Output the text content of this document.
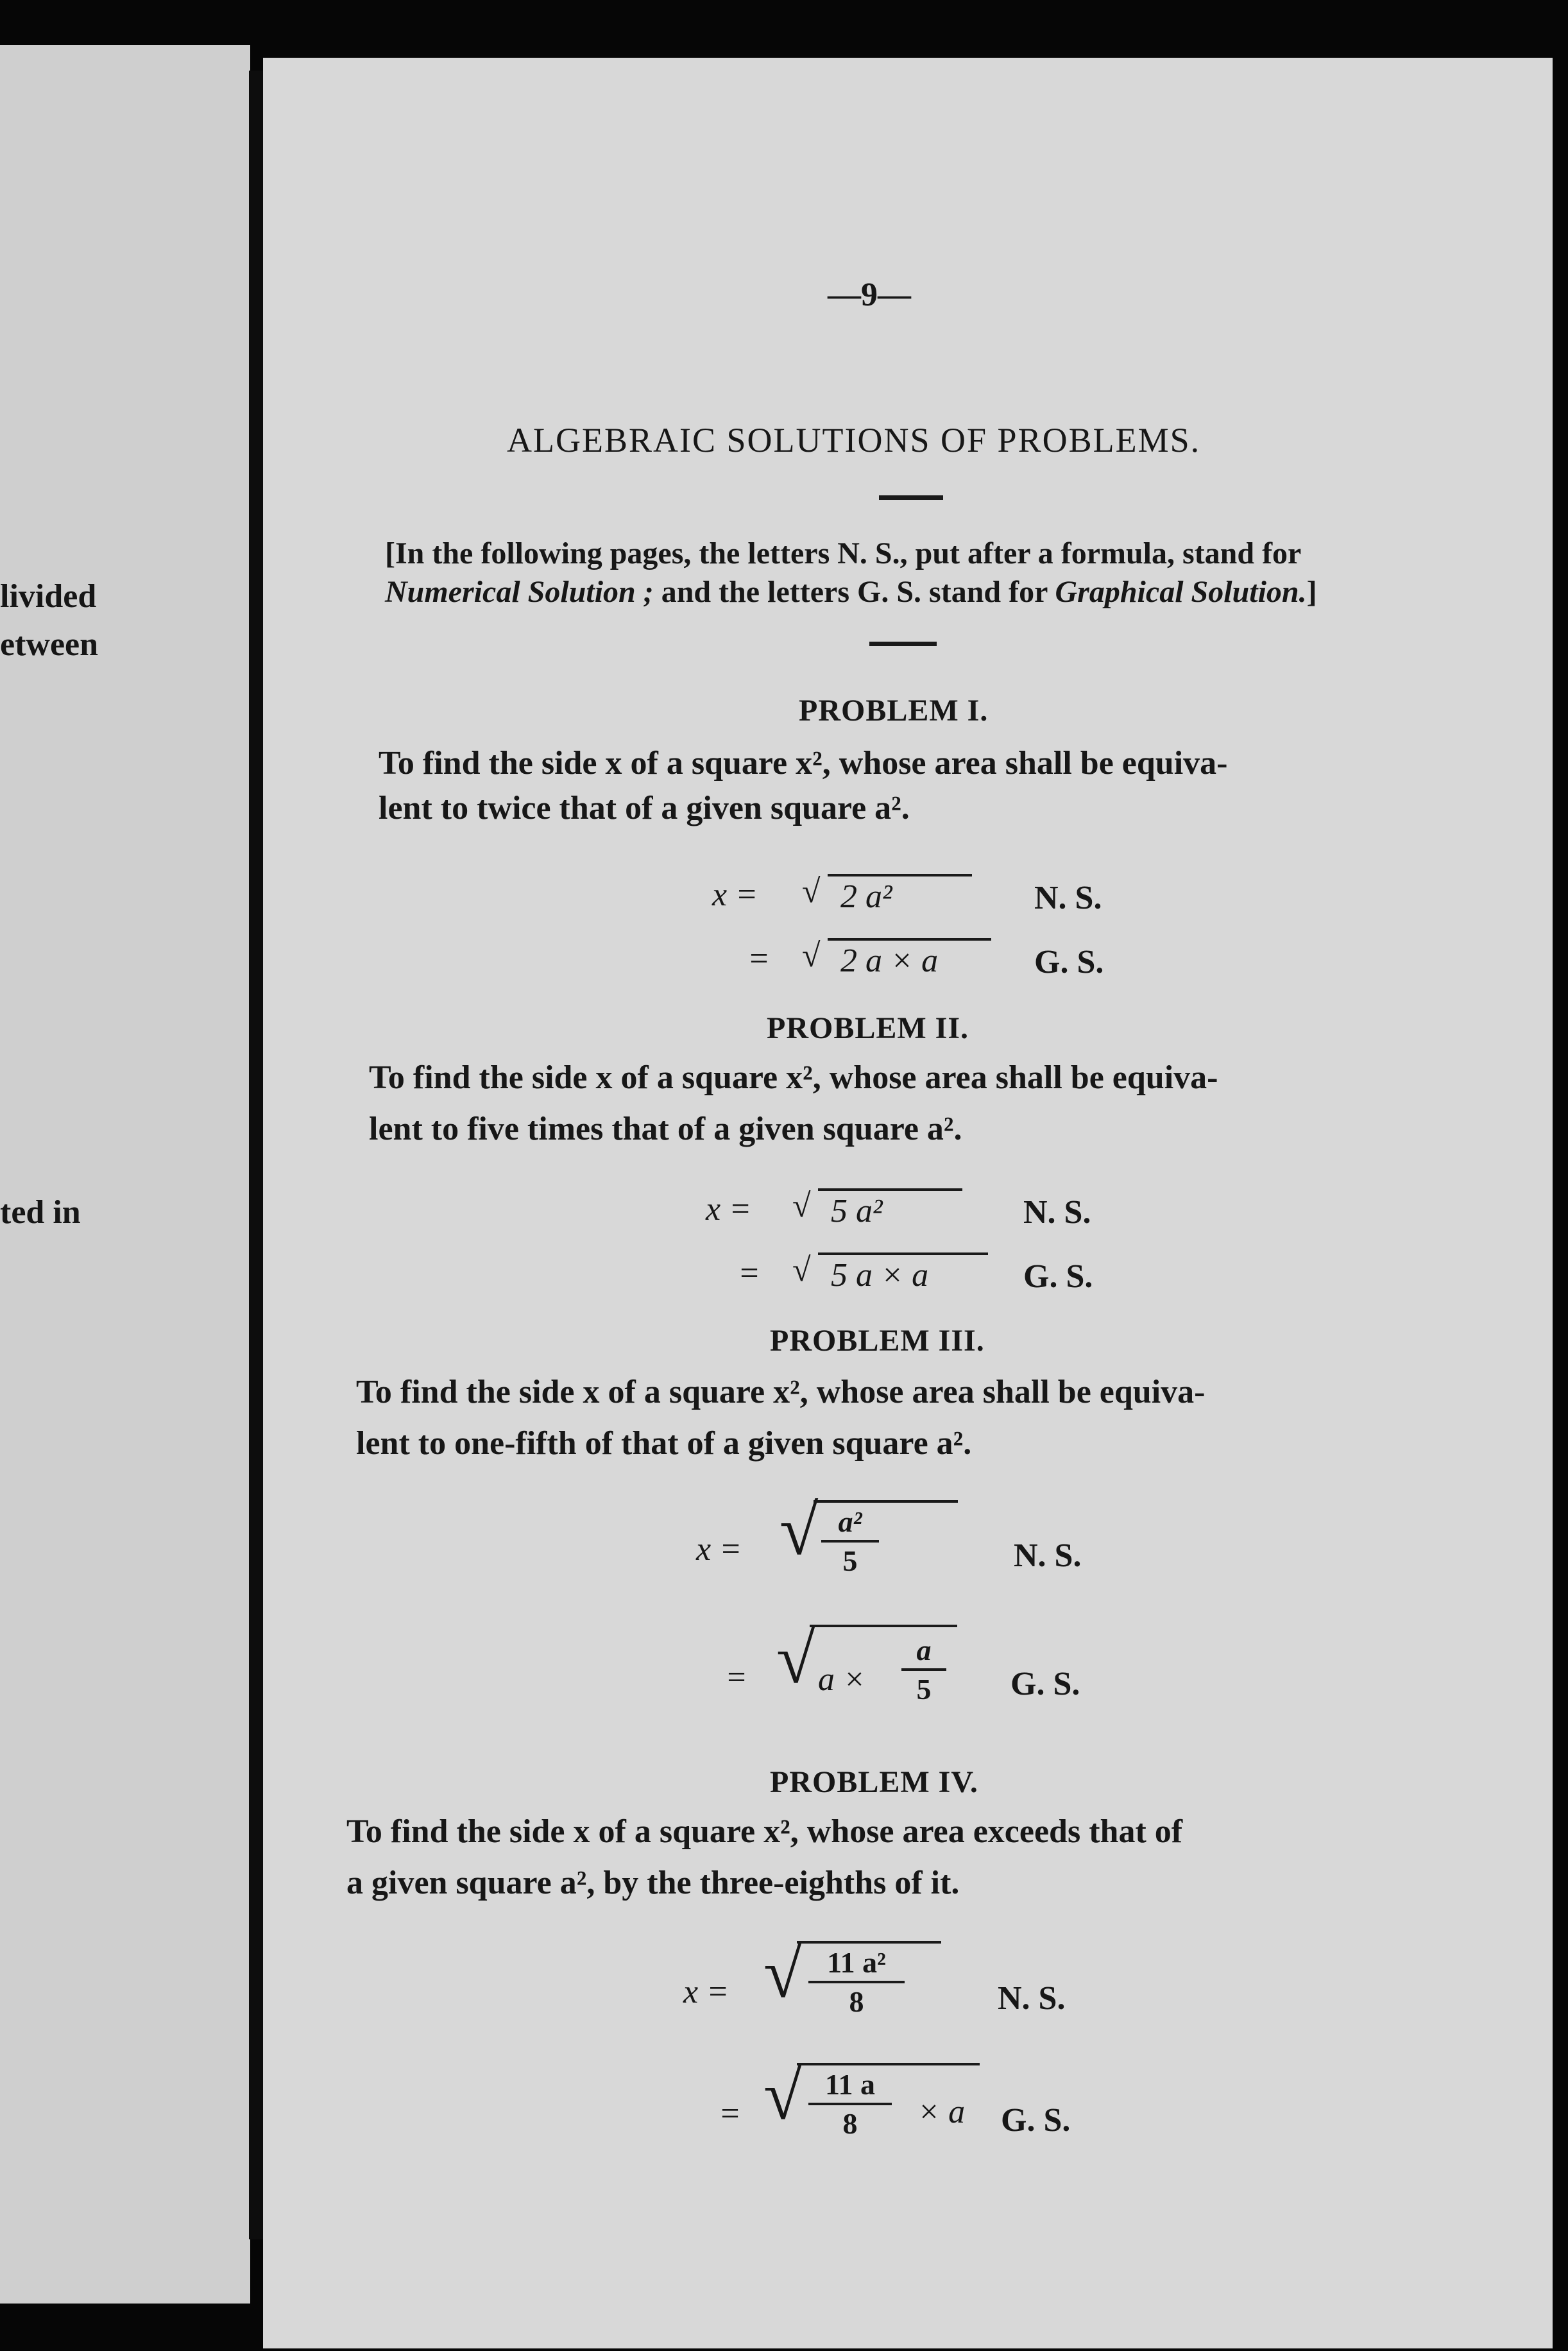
livided
etween
ted in
—9—
ALGEBRAIC SOLUTIONS OF PROBLEMS.
[In the following pages, the letters N. S., put after a formula, stand for
Numerical Solution ; and the letters G. S. stand for Graphical Solution.]
PROBLEM I.
To find the side x of a square x², whose area shall be equiva-
lent to twice that of a given square a².
x = √ 2 a²	N. S.
= √ 2 a × a	G. S.
PROBLEM II.
To find the side x of a square x², whose area shall be equiva-
lent to five times that of a given square a².
x = √ 5 a²	N. S.
= √ 5 a × a	G. S.
PROBLEM III.
To find the side x of a square x², whose area shall be equiva-
lent to one-fifth of that of a given square a².
x = √ a²
5	N. S.
= √ a ×
a
5	G. S.
PROBLEM IV.
To find the side x of a square x², whose area exceeds that of
a given square a², by the three-eighths of it.
x = √ 11 a²
8	N. S.
= √ 11 a
8	× a G. S.
